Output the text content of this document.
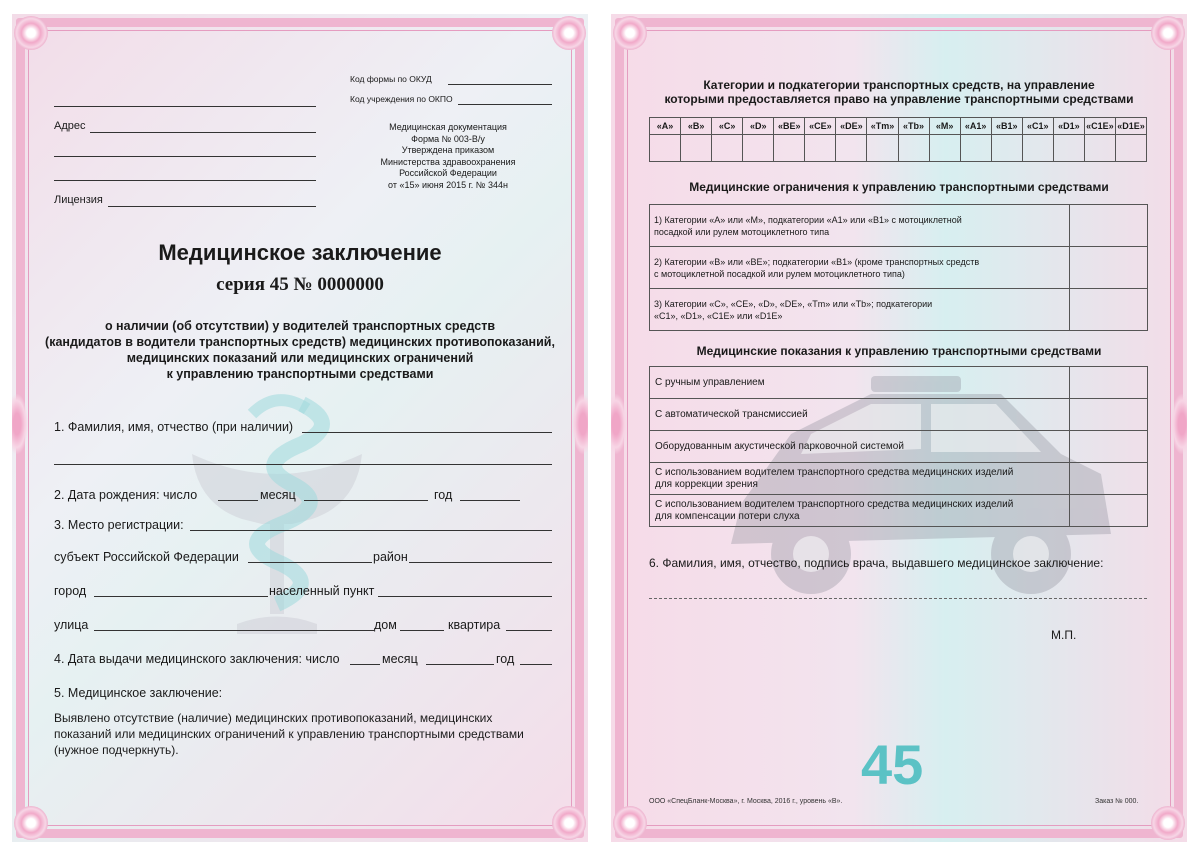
Код формы по ОКУД
Код учреждения по ОКПО
Адрес
Лицензия
Медицинская документация
Форма № 003-В/у
Утверждена приказом
Министерства здравоохранения
Российской Федерации
от «15» июня 2015 г. № 344н
Медицинское заключение
серия 45 № 0000000
о наличии (об отсутствии) у водителей транспортных средств
(кандидатов в водители транспортных средств) медицинских противопоказаний,
медицинских показаний или медицинских ограничений
к управлению транспортными средствами
1. Фамилия, имя, отчество (при наличии)
2. Дата рождения: число	месяц	год
3. Место регистрации:
субъект Российской Федерации	район
город	населенный пункт
улица	дом	квартира
4. Дата выдачи медицинского заключения: число	месяц	год
5. Медицинское заключение:
Выявлено отсутствие (наличие) медицинских противопоказаний, медицинских
показаний или медицинских ограничений к управлению транспортными средствами
(нужное подчеркнуть).
Категории и подкатегории транспортных средств, на управление
которыми предоставляется право на управление транспортными средствами
«A»	«B»	«C»	«D»	«BE»	«CE»	«DE»	«Tm»	«Tb»	«M»	«A1»	«B1»	«C1»	«D1»	«C1E»	«D1E»

Медицинские ограничения к управлению транспортными средствами
1) Категории «A» или «M», подкатегории «A1» или «B1» с мотоциклетной
посадкой или рулем мотоциклетного типа	

2) Категории «B» или «BE»; подкатегории «B1» (кроме транспортных средств
с мотоциклетной посадкой или рулем мотоциклетного типа)	

3) Категории «C», «CE», «D», «DE», «Tm» или «Tb»; подкатегории
«C1», «D1», «C1E» или «D1E»	

Медицинские показания к управлению транспортными средствами
С ручным управлением	

С автоматической трансмиссией	

Оборудованным акустической парковочной системой	

С использованием водителем транспортного средства медицинских изделий
для коррекции зрения	

С использованием водителем транспортного средства медицинских изделий
для компенсации потери слуха	

6. Фамилия, имя, отчество, подпись врача, выдавшего медицинское заключение:
М.П.
45
ООО «СпецБланк-Москва», г. Москва, 2016 г., уровень «В».	Заказ № 000.
